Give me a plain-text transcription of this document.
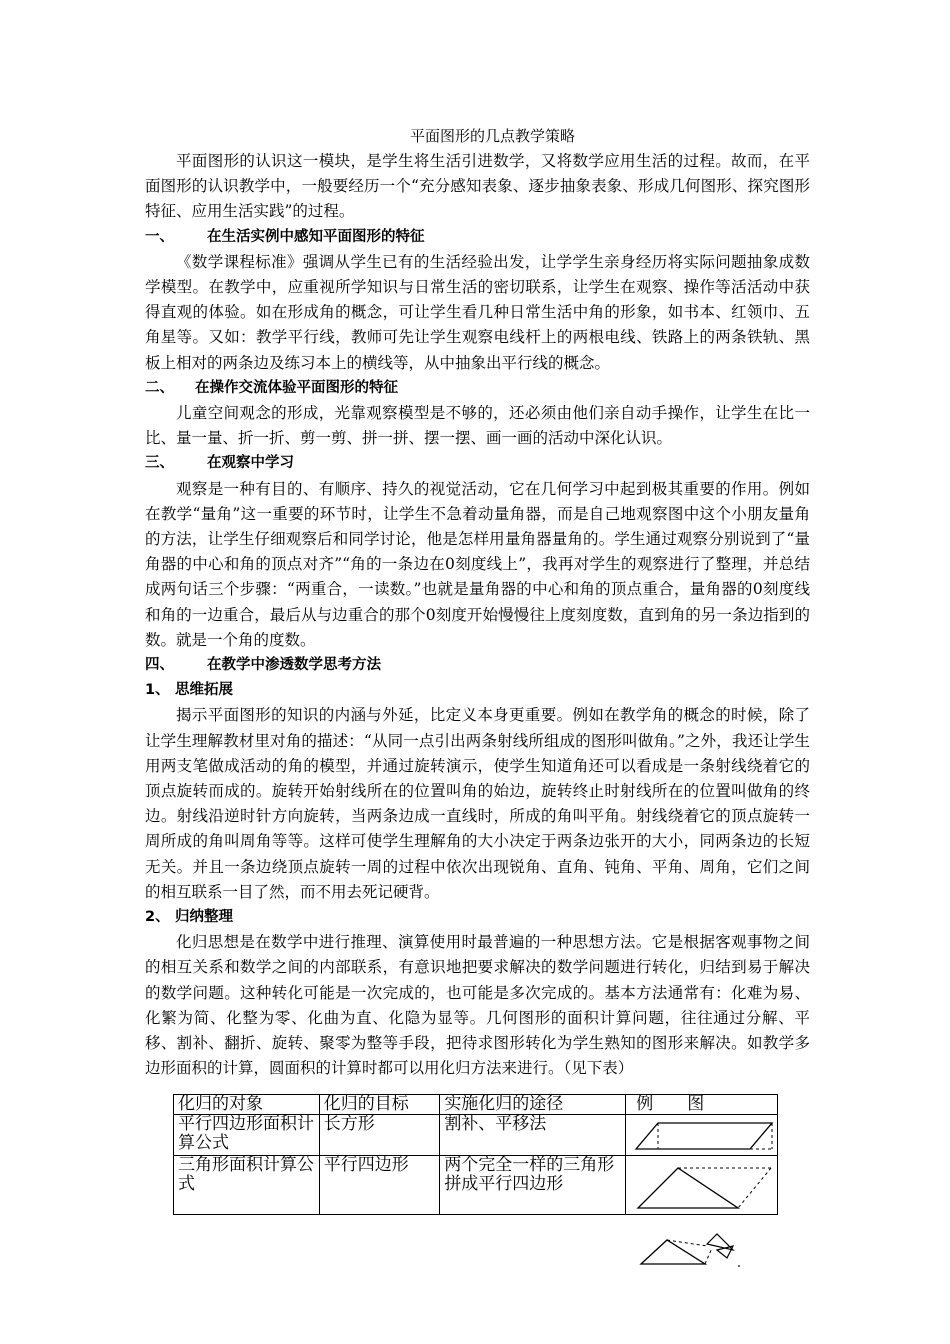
平面图形的几点教学策略

平面图形的认识这一模块，是学生将生活引进数学，又将数学应用生活的过程。故而，在平面图形的认识教学中，一般要经历一个“充分感知表象、逐步抽象表象、形成几何图形、探究图形特征、应用生活实践”的过程。

一、 在生活实例中感知平面图形的特征

《数学课程标准》强调从学生已有的生活经验出发，让学学生亲身经历将实际问题抽象成数学模型。在教学中，应重视所学知识与日常生活的密切联系，让学生在观察、操作等活活动中获得直观的体验。如在形成角的概念，可让学生看几种日常生活中角的形象，如书本、红领巾、五角星等。又如：教学平行线，教师可先让学生观察电线杆上的两根电线、铁路上的两条铁轨、黑板上相对的两条边及练习本上的横线等，从中抽象出平行线的概念。

二、 在操作交流体验平面图形的特征

儿童空间观念的形成，光靠观察模型是不够的，还必须由他们亲自动手操作，让学生在比一比、量一量、折一折、剪一剪、拼一拼、摆一摆、画一画的活动中深化认识。

三、 在观察中学习

观察是一种有目的、有顺序、持久的视觉活动，它在几何学习中起到极其重要的作用。例如在教学“量角”这一重要的环节时，让学生不急着动量角器，而是自己地观察图中这个小朋友量角的方法，让学生仔细观察后和同学讨论，他是怎样用量角器量角的。学生通过观察分别说到了“量角器的中心和角的顶点对齐”“角的一条边在0刻度线上”，我再对学生的观察进行了整理，并总结成两句话三个步骤：“两重合，一读数。”也就是量角器的中心和角的顶点重合，量角器的0刻度线和角的一边重合，最后从与边重合的那个0刻度开始慢慢往上度刻度数，直到角的另一条边指到的数。就是一个角的度数。

四、 在教学中渗透数学思考方法
1、 思维拓展

揭示平面图形的知识的内涵与外延，比定义本身更重要。例如在教学角的概念的时候，除了让学生理解教材里对角的描述：“从同一点引出两条射线所组成的图形叫做角。”之外，我还让学生用两支笔做成活动的角的模型，并通过旋转演示，使学生知道角还可以看成是一条射线绕着它的顶点旋转而成的。旋转开始射线所在的位置叫角的始边，旋转终止时射线所在的位置叫做角的终边。射线沿逆时针方向旋转，当两条边成一直线时，所成的角叫平角。射线绕着它的顶点旋转一周所成的角叫周角等等。这样可使学生理解角的大小决定于两条边张开的大小，同两条边的长短无关。并且一条边绕顶点旋转一周的过程中依次出现锐角、直角、钝角、平角、周角，它们之间的相互联系一目了然，而不用去死记硬背。

2、 归纳整理

化归思想是在数学中进行推理、演算使用时最普遍的一种思想方法。它是根据客观事物之间的相互关系和数学之间的内部联系，有意识地把要求解决的数学问题进行转化，归结到易于解决的数学问题。这种转化可能是一次完成的，也可能是多次完成的。基本方法通常有：化难为易、化繁为简、化整为零、化曲为直、化隐为显等。几何图形的面积计算问题，往往通过分解、平移、割补、翻折、旋转、聚零为整等手段，把待求图形转化为学生熟知的图形来解决。如教学多边形面积的计算，圆面积的计算时都可以用化归方法来进行。（见下表）

化归的对象	化归的目标	实施化归的途径	例　　图
平行四边形面积计算公式	长方形	割补、平移法	

三角形面积计算公式	平行四边形	两个完全一样的三角形拼成平行四边形	
